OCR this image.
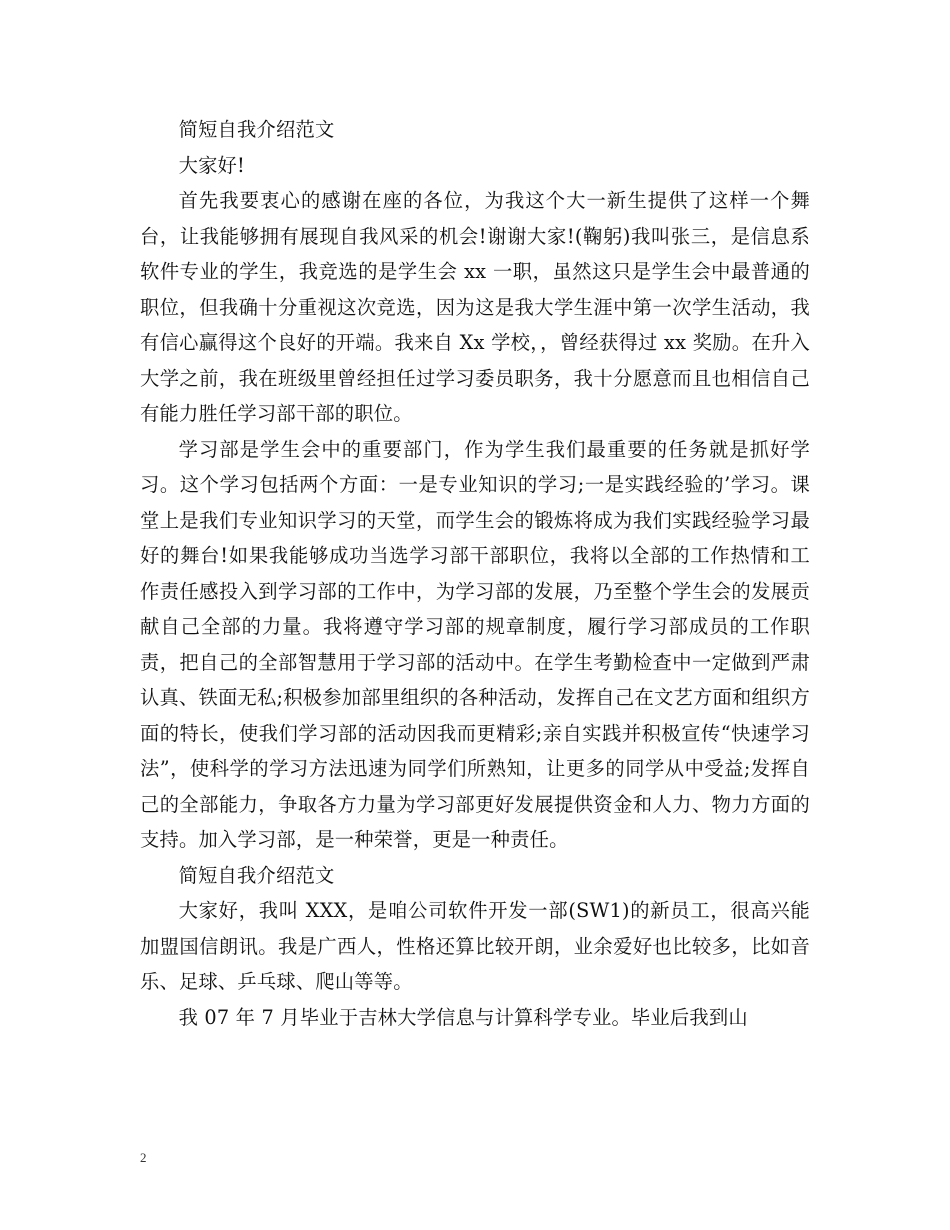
简短自我介绍范文

大家好!

首先我要衷心的感谢在座的各位，为我这个大一新生提供了这样一个舞台，让我能够拥有展现自我风采的机会!谢谢大家!(鞠躬)我叫张三，是信息系软件专业的学生，我竞选的是学生会 xx 一职，虽然这只是学生会中最普通的职位，但我确十分重视这次竞选，因为这是我大学生涯中第一次学生活动，我有信心赢得这个良好的开端。我来自 Xx 学校，，曾经获得过 xx 奖励。在升入大学之前，我在班级里曾经担任过学习委员职务，我十分愿意而且也相信自己有能力胜任学习部干部的职位。

学习部是学生会中的重要部门，作为学生我们最重要的任务就是抓好学习。这个学习包括两个方面：一是专业知识的学习;一是实践经验的’学习。课堂上是我们专业知识学习的天堂，而学生会的锻炼将成为我们实践经验学习最好的舞台!如果我能够成功当选学习部干部职位，我将以全部的工作热情和工作责任感投入到学习部的工作中，为学习部的发展，乃至整个学生会的发展贡献自己全部的力量。我将遵守学习部的规章制度，履行学习部成员的工作职责，把自己的全部智慧用于学习部的活动中。在学生考勤检查中一定做到严肃认真、铁面无私;积极参加部里组织的各种活动，发挥自己在文艺方面和组织方面的特长，使我们学习部的活动因我而更精彩;亲自实践并积极宣传“快速学习法”，使科学的学习方法迅速为同学们所熟知，让更多的同学从中受益;发挥自己的全部能力，争取各方力量为学习部更好发展提供资金和人力、物力方面的支持。加入学习部，是一种荣誉，更是一种责任。

简短自我介绍范文

大家好，我叫 XXX，是咱公司软件开发一部(SW1)的新员工，很高兴能加盟国信朗讯。我是广西人，性格还算比较开朗，业余爱好也比较多，比如音乐、足球、乒乓球、爬山等等。

我 07 年 7 月毕业于吉林大学信息与计算科学专业。毕业后我到山

2
